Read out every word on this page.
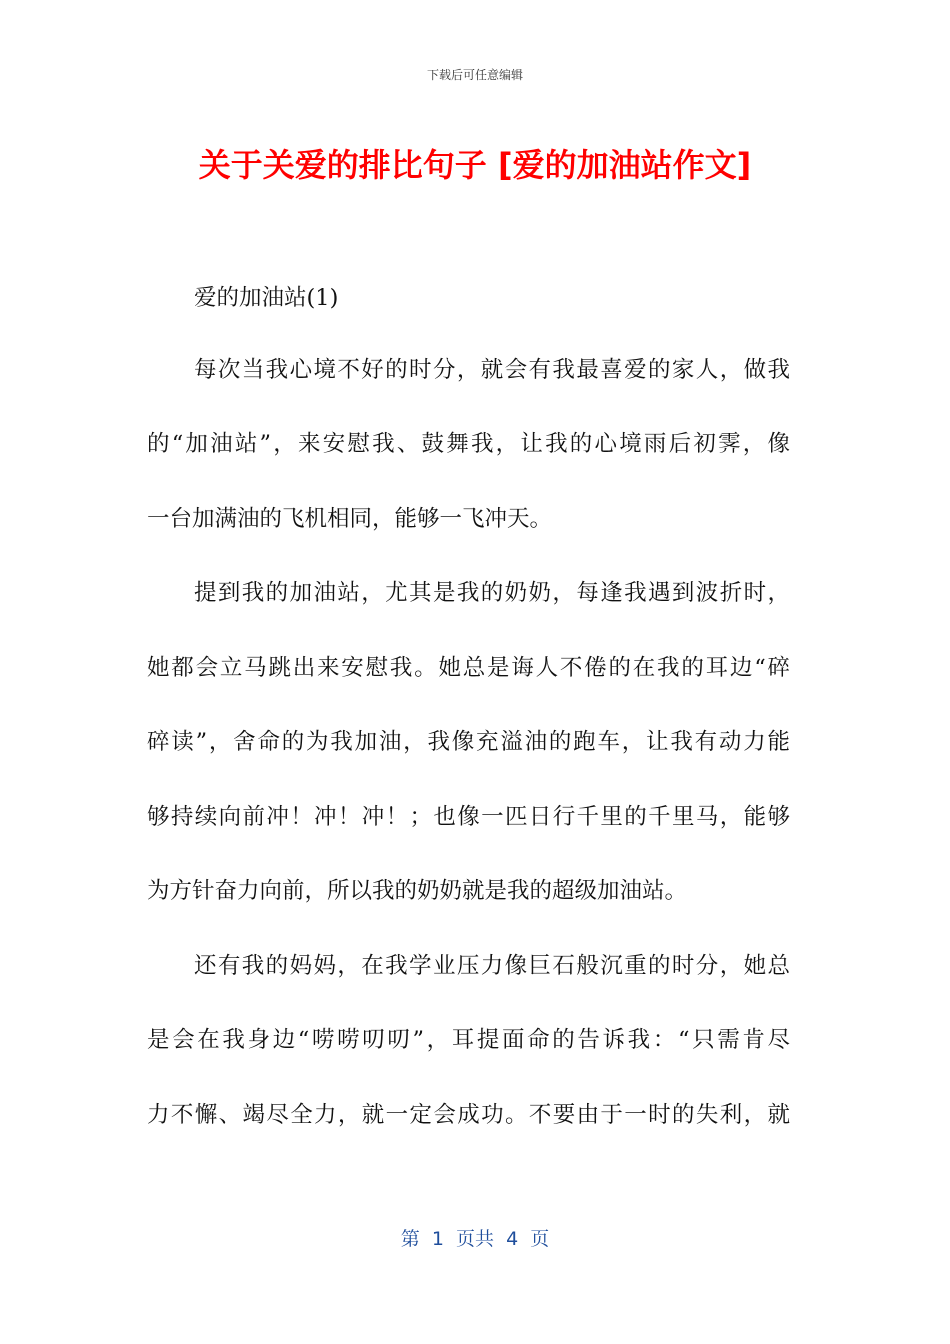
下载后可任意编辑
关于关爱的排比句子 [爱的加油站作文]
爱的加油站(1)
每次当我心境不好的时分，就会有我最喜爱的家人，做我
的“加油站”，来安慰我、鼓舞我，让我的心境雨后初霁，像
一台加满油的飞机相同，能够一飞冲天。
提到我的加油站，尤其是我的奶奶，每逢我遇到波折时，
她都会立马跳出来安慰我。她总是诲人不倦的在我的耳边“碎
碎读”，舍命的为我加油，我像充溢油的跑车，让我有动力能
够持续向前冲！冲！冲！；也像一匹日行千里的千里马，能够
为方针奋力向前，所以我的奶奶就是我的超级加油站。
还有我的妈妈，在我学业压力像巨石般沉重的时分，她总
是会在我身边“唠唠叨叨”，耳提面命的告诉我：“只需肯尽
力不懈、竭尽全力，就一定会成功。不要由于一时的失利，就
第  1  页共  4  页
